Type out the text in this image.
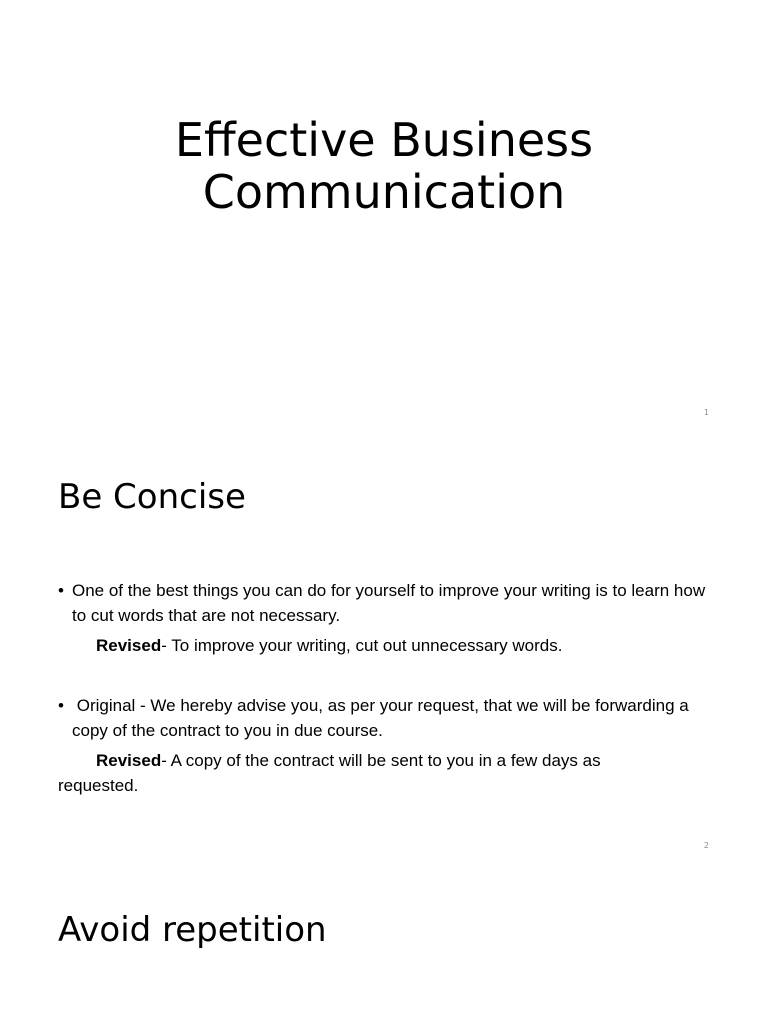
Effective Business
Communication
1
Be Concise
• One of the best things you can do for yourself to improve your writing is to learn how to cut words that are not necessary.
Revised- To improve your writing, cut out unnecessary words.
• Original - We hereby advise you, as per your request, that we will be forwarding a copy of the contract to you in due course.
Revised- A copy of the contract will be sent to you in a few days as requested.
2
Avoid repetition
